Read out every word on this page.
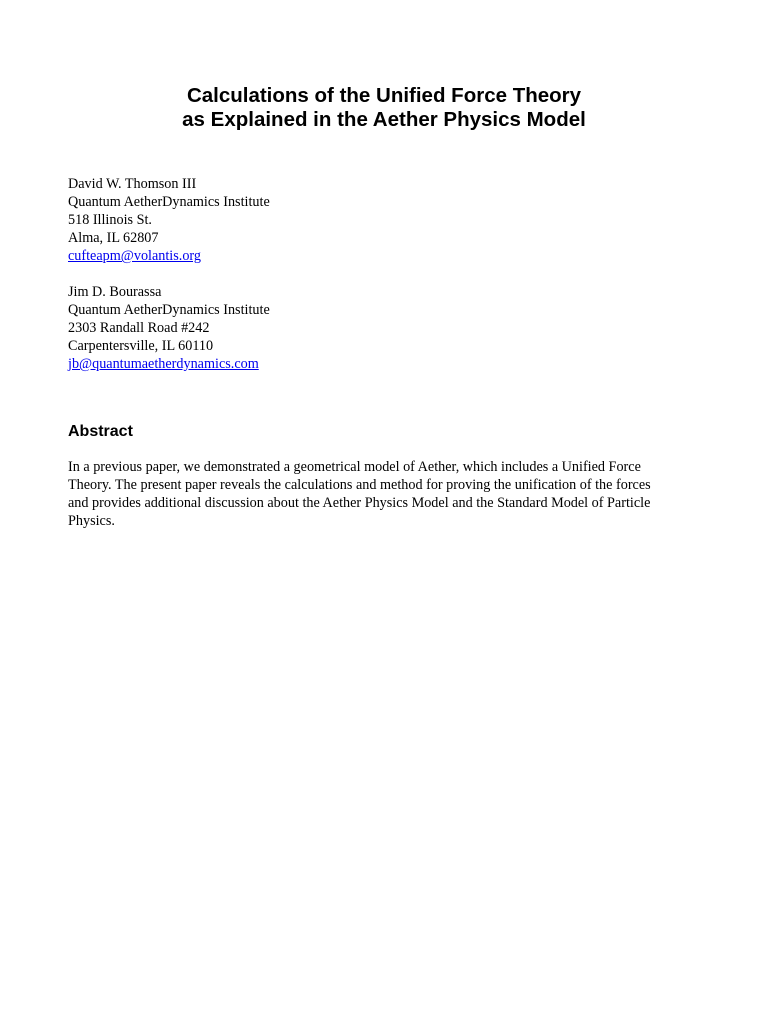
Calculations of the Unified Force Theory

as Explained in the Aether Physics Model

David W. Thomson III
Quantum AetherDynamics Institute
518 Illinois St.
Alma, IL 62807
cufteapm@volantis.org
Jim D. Bourassa
Quantum AetherDynamics Institute
2303 Randall Road #242
Carpentersville, IL 60110
jb@quantumaetherdynamics.com
Abstract

In a previous paper, we demonstrated a geometrical model of Aether, which includes a Unified Force
Theory. The present paper reveals the calculations and method for proving the unification of the forces
and provides additional discussion about the Aether Physics Model and the Standard Model of Particle
Physics.
